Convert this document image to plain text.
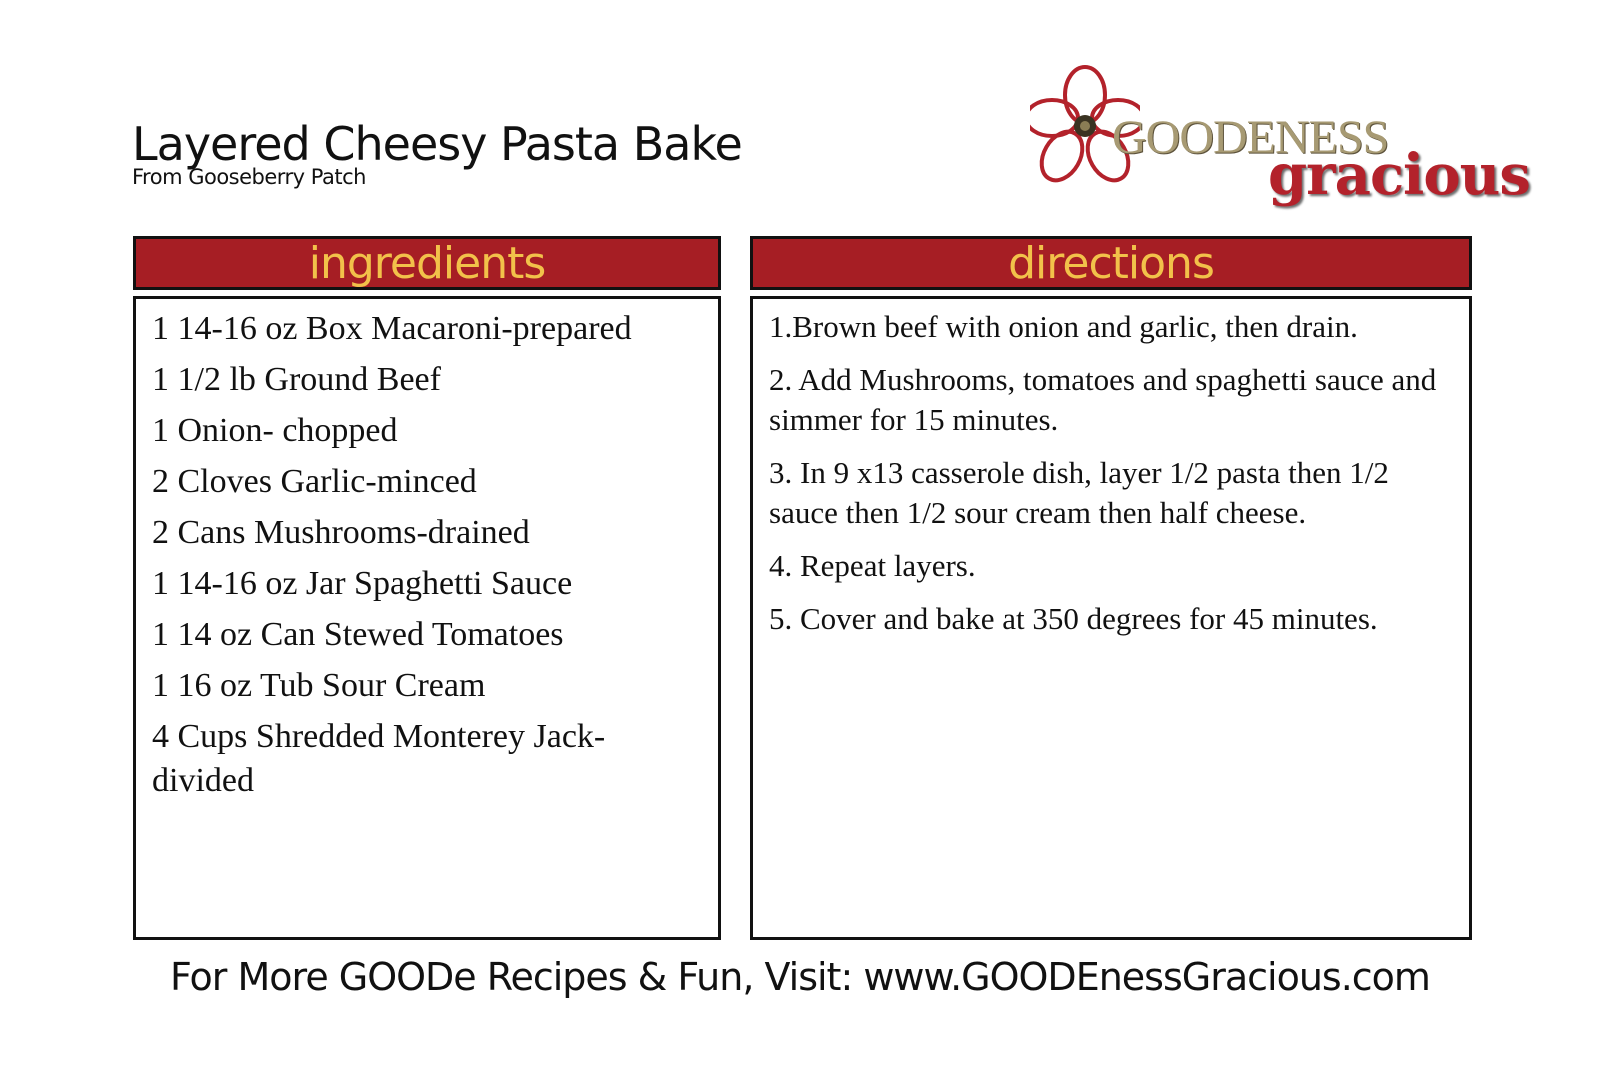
Layered Cheesy Pasta Bake
From Gooseberry Patch
GOODENESS
gracious
ingredients
1 14-16 oz Box Macaroni-prepared
1 1/2 lb Ground Beef
1 Onion- chopped
2 Cloves Garlic-minced
2 Cans Mushrooms-drained
1 14-16 oz Jar Spaghetti Sauce
1 14 oz Can Stewed Tomatoes
1 16 oz Tub Sour Cream
4 Cups Shredded Monterey Jack-divided
directions
1.Brown beef with onion and garlic, then drain.
2. Add Mushrooms, tomatoes and spaghetti sauce and simmer for 15 minutes.
3. In 9 x13 casserole dish, layer 1/2 pasta then 1/2 sauce then 1/2 sour cream then half cheese.
4. Repeat layers.
5. Cover and bake at 350 degrees for 45 minutes.
For More GOODe Recipes & Fun, Visit: www.GOODEnessGracious.com
